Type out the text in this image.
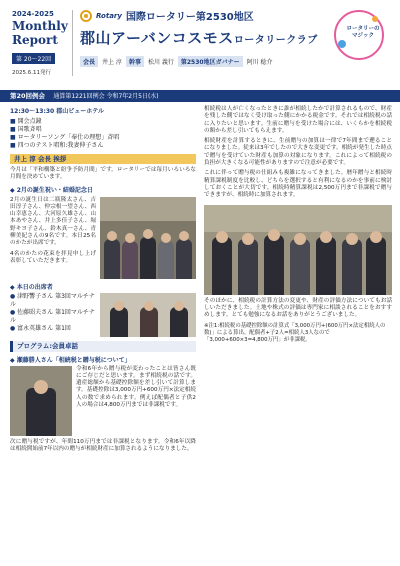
2024-2025
Monthly
Report
第 20〜22回
2025.6.11発行
Rotary 国際ロータリー第2530地区
郡山アーバンコスモスロータリークラブ
会長	井上 淳	幹事	松川 義行	第2530地区ガバナー	阿川 稔介
ロータリーのマジック
第20回例会 通算第1221回例会 令和7年2月5日(水)
12:30〜13:30 郡山ビューホテル
■ 開会点鐘
■ 国歌斉唱
■ ロータリーソング「奉仕の理想」斉唱
■ 四つのテスト唱和:我妻伸子さん
井上 淳 会長 挨拶
今月は「平和構築と紛争予防月間」です。ロータリーでは毎月いろいろな月間を決めています。
◆ 2月の誕生祝い・結婚記念日
2月の誕生日は二瓶隆太さん、吉田淳子さん、仲宗根一望さん、西山幸恵さん、大河原久雄さん、山本あやさん、井上多佳子さん、堀野キヨ子さん、鈴木真一さん、青柳美紀さんの9名です。本日25名のかたが出席です。
4名のかたの花束を拝見申し上げ表彰していただきます。
◆ 本日の出席者
● 津野響子さん 第3回マルチナル
● 佐藤昭夫さん 第1回マルチナル
● 富永英雄さん 第1回
プログラム:会員卓話
◆ 瀬藤勝人さん「相続税と贈与税について」
令和6年から贈与税が変わったことは皆さん既にご存じだと思います。まず相続税の話です。遺産総額から基礎控除額を差し引いて計算します。基礎控除は3,000万円+600万円×法定相続人の数で求められます。例えば配偶者と子供2人の場合は4,800万円までは非課税です。
次に贈与税ですが、年間110万円までは非課税となります。令和6年以降は相続開始前7年以内の贈与が相続財産に加算されるようになりました。
相続税は人が亡くなったときに誰が相続したかで計算されるもので、財産を残した側ではなく受け取った側にかかる税金です。それでは相続税の話に入りたいと思います。生前に贈与を受けた場合には、いくらかを相続税の額から差し引いてもらえます。
相続財産を計算するときに、生前贈与の加算は一律で7年間まで遡ることになりました。従来は3年でしたので大きな変更です。相続が発生した時点で贈与を受けていた財産も加算の対象になります。これによって相続税の負担が大きくなる可能性がありますので注意が必要です。
これに伴って贈与税の仕組みも複雑になってきました。暦年贈与と相続時精算課税制度を比較し、どちらを選択すると有利になるのかを事前に検討しておくことが大切です。相続時精算課税は2,500万円まで非課税で贈与できますが、相続時に加算されます。
そのほかに、相続税の計算方法の変更や、財産の評価方法についてもお話しいただきました。土地や株式の評価は専門家に相談されることをおすすめします。とても勉強になるお話をありがとうございました。
※注1:相続税の基礎控除額の計算式「3,000万円+(600万円×法定相続人の数)」による算出。配偶者+子2人=相続人3人なので「3,000+600×3=4,800万円」が非課税。
